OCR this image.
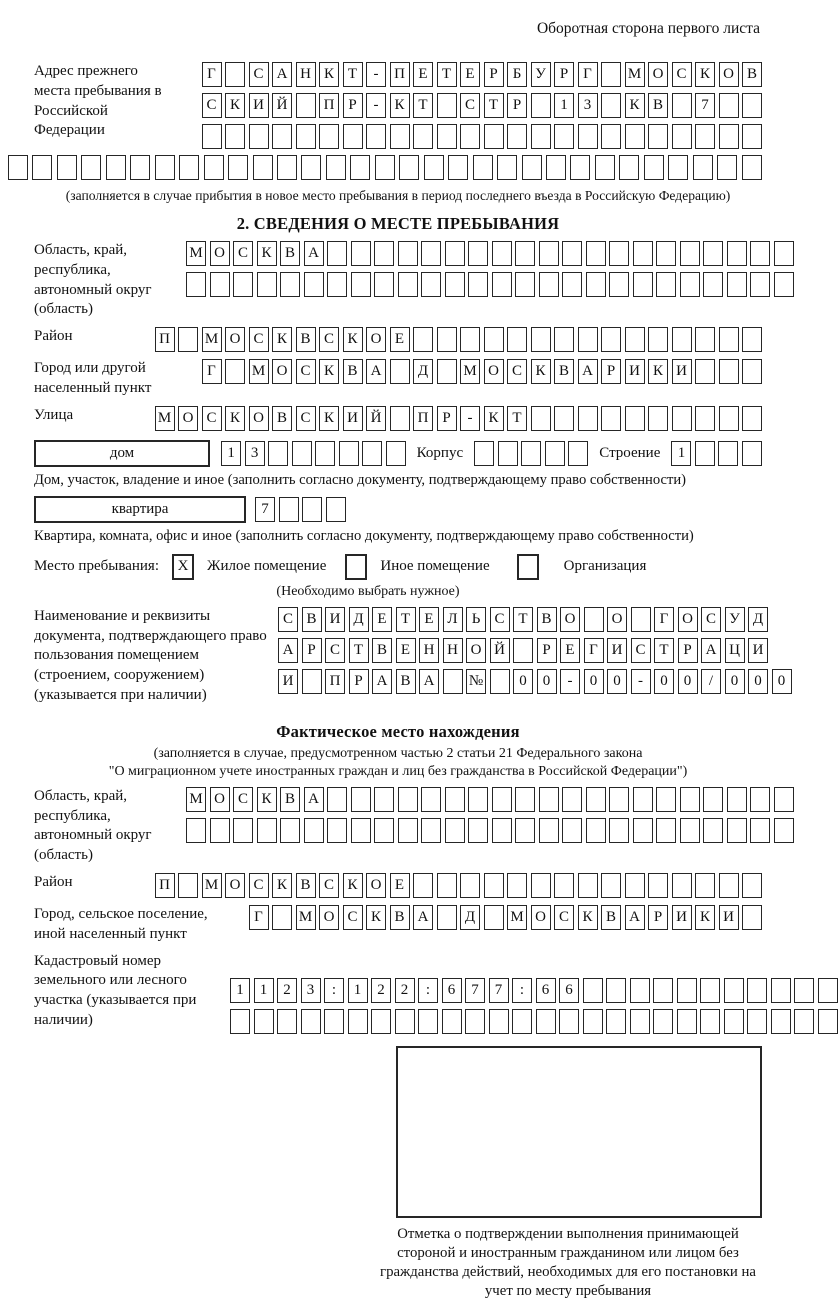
Оборотная сторона первого листа
Адрес прежнего места пребывания в Российской Федерации
Г	С А Н К Т	-	П Е Т Е Р	Б У Р Г	М О С К О В
С К И Й	П Р	-	К Т	С Т Р	1	3	К В	7
(заполняется в случае прибытия в новое место пребывания в период последнего въезда в Российскую Федерацию)
2. СВЕДЕНИЯ О МЕСТЕ ПРЕБЫВАНИЯ
Область, край, республика, автономный округ (область)
М О С К В А
Район	П	М О С К В С К О Е
Город или другой населенный пункт
Г	М О С К В А	Д	М О С К В А Р И К И
Улица	М О С К О В С К И Й	П Р	-	К Т
дом	1	3	Корпус	Строение	1
Дом, участок, владение и иное (заполнить согласно документу, подтверждающему право собственности)
квартира	7
Квартира, комната, офис и иное (заполнить согласно документу, подтверждающему право собственности)
Место пребывания:	X	Жилое помещение	Иное помещение	Организация
(Необходимо выбрать нужное)
Наименование и реквизиты документа, подтверждающего право пользования помещением (строением, сооружением) (указывается при наличии)
С В И Д Е Т Е Л Ь С Т В О	О	Г О С У Д
А Р С Т В Е Н Н О Й	Р Е Г И С Т Р А Ц И
И	П Р А В А	№	0	0	-	0	0	-	0	0	/	0	0	0
Фактическое место нахождения
(заполняется в случае, предусмотренном частью 2 статьи 21 Федерального закона
"О миграционном учете иностранных граждан и лиц без гражданства в Российской Федерации")
Область, край, республика, автономный округ (область)
М О С К В А
Район	П	М О С К В С К О Е
Город, сельское поселение, иной населенный пункт
Г	М О С К В А	Д	М О С К В А Р И К И
Кадастровый номер земельного или лесного участка (указывается при наличии)
1	1	2	3	:	1	2	2	:	6	7	7	:	6	6
Отметка о подтверждении выполнения принимающей стороной и иностранным гражданином или лицом без гражданства действий, необходимых для его постановки на учет по месту пребывания
